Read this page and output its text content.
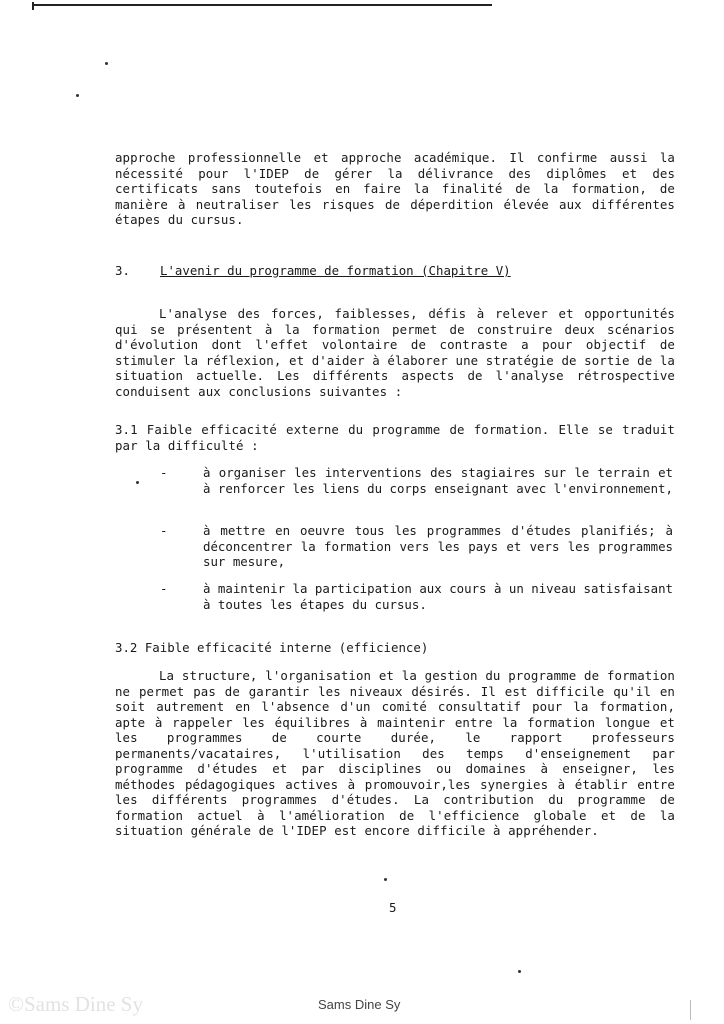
approche professionnelle et approche académique. Il confirme aussi la nécessité pour l'IDEP de gérer la délivrance des diplômes et des certificats sans toutefois en faire la finalité de la formation, de manière à neutraliser les risques de déperdition élevée aux différentes étapes du cursus.

3. L'avenir du programme de formation (Chapitre V)

L'analyse des forces, faiblesses, défis à relever et opportunités qui se présentent à la formation permet de construire deux scénarios d'évolution dont l'effet volontaire de contraste a pour objectif de stimuler la réflexion, et d'aider à élaborer une stratégie de sortie de la situation actuelle. Les différents aspects de l'analyse rétrospective conduisent aux conclusions suivantes :

3.1 Faible efficacité externe du programme de formation. Elle se traduit par la difficulté :

-	à organiser les interventions des stagiaires sur le terrain et à renforcer les liens du corps enseignant avec l'environnement,

-	à mettre en oeuvre tous les programmes d'études planifiés; à déconcentrer la formation vers les pays et vers les programmes sur mesure,

-	à maintenir la participation aux cours à un niveau satisfaisant à toutes les étapes du cursus.

3.2 Faible efficacité interne (efficience)

La structure, l'organisation et la gestion du programme de formation ne permet pas de garantir les niveaux désirés. Il est difficile qu'il en soit autrement en l'absence d'un comité consultatif pour la formation, apte à rappeler les équilibres à maintenir entre la formation longue et les programmes de courte durée, le rapport professeurs permanents/vacataires, l'utilisation des temps d'enseignement par programme d'études et par disciplines ou domaines à enseigner, les méthodes pédagogiques actives à promouvoir,les synergies à établir entre les différents programmes d'études. La contribution du programme de formation actuel à l'amélioration de l'efficience globale et de la situation générale de l'IDEP est encore difficile à appréhender.

5
©Sams Dine Sy	Sams Dine Sy
